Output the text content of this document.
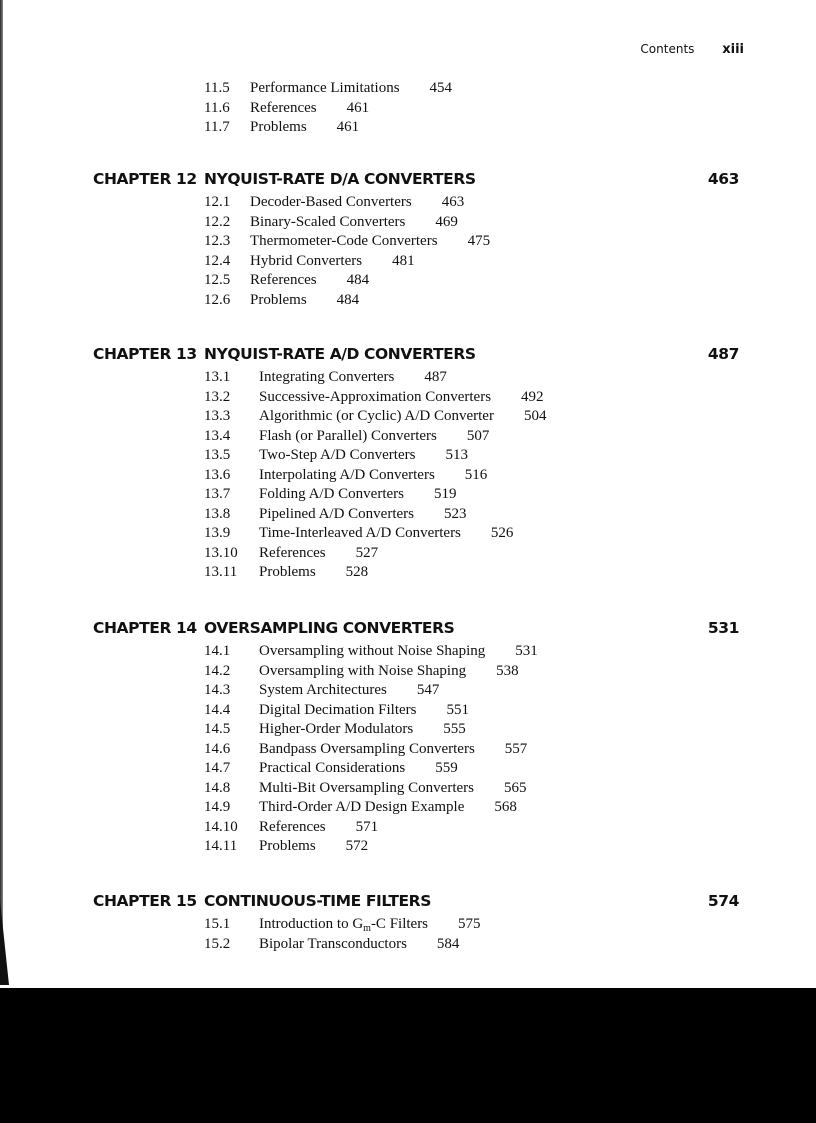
Contents xiii
11.5 Performance Limitations 454
11.6 References 461
11.7 Problems 461
CHAPTER 12 NYQUIST-RATE D/A CONVERTERS	463
12.1 Decoder-Based Converters 463
12.2 Binary-Scaled Converters 469
12.3 Thermometer-Code Converters 475
12.4 Hybrid Converters 481
12.5 References 484
12.6 Problems 484
CHAPTER 13 NYQUIST-RATE A/D CONVERTERS	487
13.1 Integrating Converters 487
13.2 Successive-Approximation Converters 492
13.3 Algorithmic (or Cyclic) A/D Converter 504
13.4 Flash (or Parallel) Converters 507
13.5 Two-Step A/D Converters 513
13.6 Interpolating A/D Converters 516
13.7 Folding A/D Converters 519
13.8 Pipelined A/D Converters 523
13.9 Time-Interleaved A/D Converters 526
13.10 References 527
13.11 Problems 528
CHAPTER 14 OVERSAMPLING CONVERTERS	531
14.1 Oversampling without Noise Shaping 531
14.2 Oversampling with Noise Shaping 538
14.3 System Architectures 547
14.4 Digital Decimation Filters 551
14.5 Higher-Order Modulators 555
14.6 Bandpass Oversampling Converters 557
14.7 Practical Considerations 559
14.8 Multi-Bit Oversampling Converters 565
14.9 Third-Order A/D Design Example 568
14.10 References 571
14.11 Problems 572
CHAPTER 15 CONTINUOUS-TIME FILTERS	574
15.1 Introduction to $G_m-C$ Filters 575
15.2 Bipolar Transconductors 584
